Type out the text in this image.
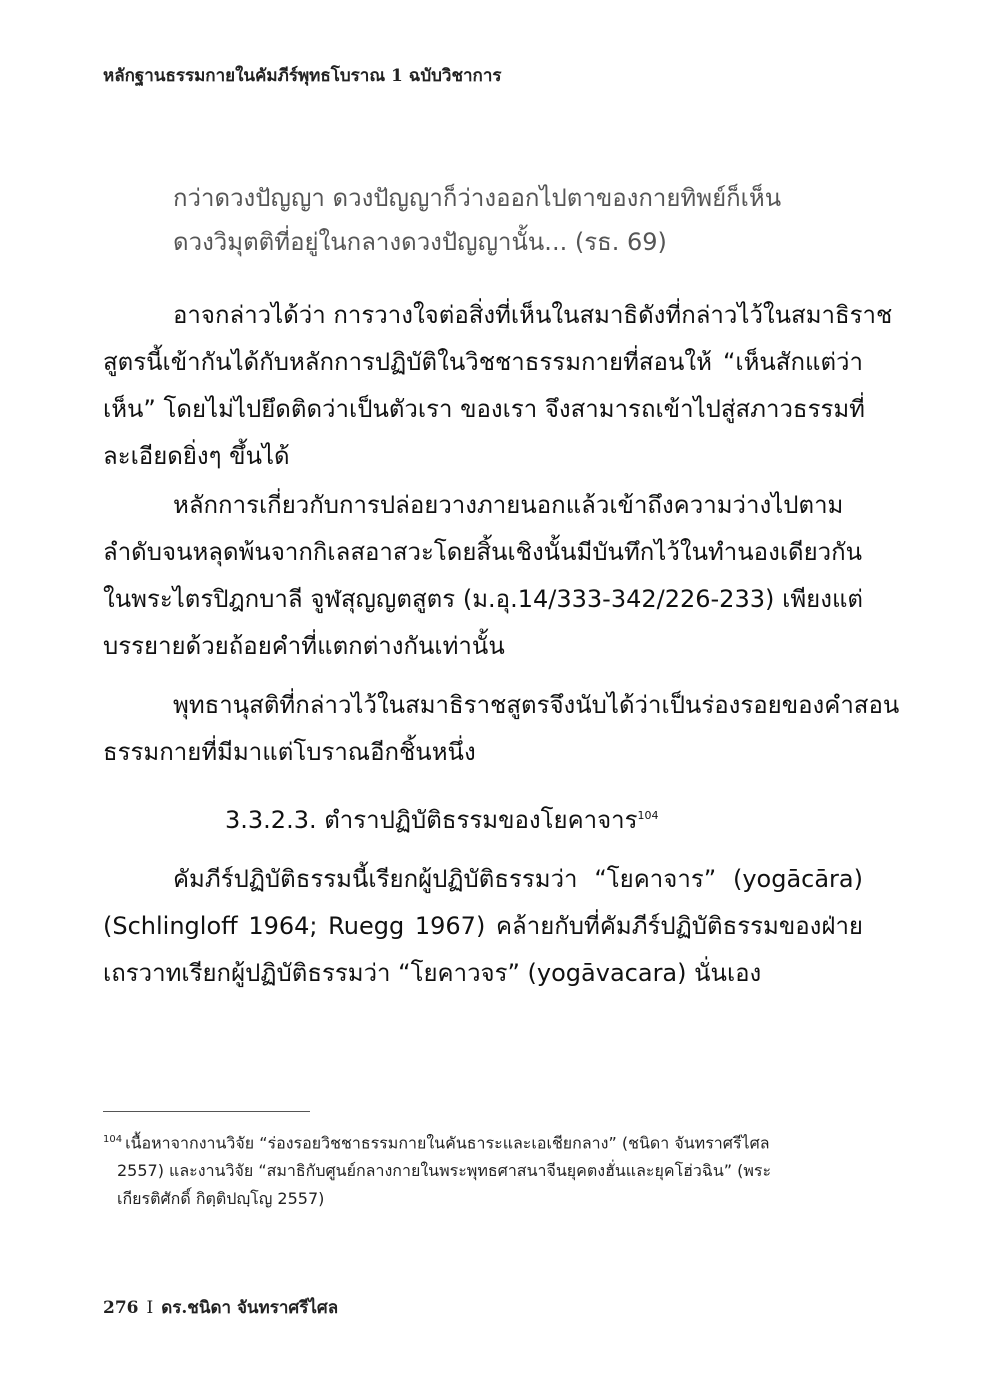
หลักฐานธรรมกายในคัมภีร์พุทธโบราณ 1 ฉบับวิชาการ
กว่าดวงปัญญา ดวงปัญญาก็ว่างออกไปตาของกายทิพย์ก็เห็น
ดวงวิมุตติที่อยู่ในกลางดวงปัญญานั้น... (รธ. 69)
อาจกล่าวได้ว่า การวางใจต่อสิ่งที่เห็นในสมาธิดังที่กล่าวไว้ในสมาธิราช
สูตรนี้เข้ากันได้กับหลักการปฏิบัติในวิชชาธรรมกายที่สอนให้ “เห็นสักแต่ว่า
เห็น” โดยไม่ไปยึดติดว่าเป็นตัวเรา ของเรา จึงสามารถเข้าไปสู่สภาวธรรมที่
ละเอียดยิ่งๆ ขึ้นได้
หลักการเกี่ยวกับการปล่อยวางภายนอกแล้วเข้าถึงความว่างไปตาม
ลำดับจนหลุดพ้นจากกิเลสอาสวะโดยสิ้นเชิงนั้นมีบันทึกไว้ในทำนองเดียวกัน
ในพระไตรปิฎกบาลี จูฬสุญญตสูตร (ม.อุ.14/333-342/226-233) เพียงแต่
บรรยายด้วยถ้อยคำที่แตกต่างกันเท่านั้น
พุทธานุสติที่กล่าวไว้ในสมาธิราชสูตรจึงนับได้ว่าเป็นร่องรอยของคำสอน
ธรรมกายที่มีมาแต่โบราณอีกชิ้นหนึ่ง
3.3.2.3. ตำราปฏิบัติธรรมของโยคาจาร$^{104}$
คัมภีร์ปฏิบัติธรรมนี้เรียกผู้ปฏิบัติธรรมว่า “โยคาจาร” (yogācāra)
(Schlingloff 1964; Ruegg 1967) คล้ายกับที่คัมภีร์ปฏิบัติธรรมของฝ่าย
เถรวาทเรียกผู้ปฏิบัติธรรมว่า “โยคาวจร” (yogāvacara) นั่นเอง
$^{104}$ เนื้อหาจากงานวิจัย “ร่องรอยวิชชาธรรมกายในคันธาระและเอเชียกลาง” (ชนิดา จันทราศรีไศล
2557) และงานวิจัย “สมาธิกับศูนย์กลางกายในพระพุทธศาสนาจีนยุคตงฮั่นและยุคโฮ่วฉิน” (พระ
เกียรติศักดิ์ กิตฺติปญฺโญ 2557)
276 I ดร.ชนิดา จันทราศรีไศล
